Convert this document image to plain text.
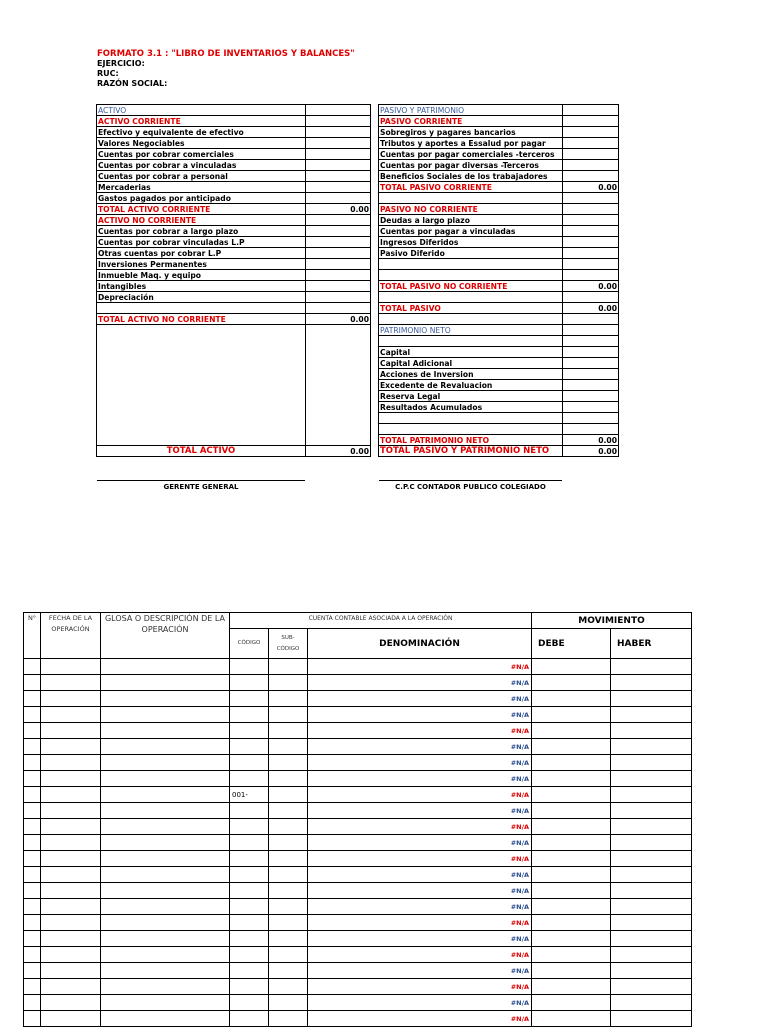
FORMATO 3.1 : "LIBRO DE INVENTARIOS Y BALANCES"
EJERCICIO:
RUC:
RAZÓN SOCIAL:
ACTIVO	
ACTIVO CORRIENTE	
Efectivo y equivalente de efectivo	
Valores Negociables	
Cuentas por cobrar comerciales	
Cuentas por cobrar a vinculadas	
Cuentas por cobrar a personal	
Mercaderias	
Gastos pagados por anticipado	
TOTAL ACTIVO CORRIENTE	0.00
ACTIVO NO CORRIENTE	
Cuentas por cobrar a largo plazo	
Cuentas por cobrar vinculadas L.P	
Otras cuentas por cobrar L.P	
Inversiones Permanentes	
Inmueble Maq. y equipo	
Intangibles	
Depreciación	

TOTAL ACTIVO NO CORRIENTE	0.00

TOTAL ACTIVO	0.00
PASIVO Y PATRIMONIO	
PASIVO CORRIENTE	
Sobregiros y pagares bancarios	
Tributos y aportes a Essalud por pagar	
Cuentas por pagar comerciales -terceros	
Cuentas por pagar diversas -Terceros	
Beneficios Sociales de los trabajadores	
TOTAL PASIVO CORRIENTE	0.00

PASIVO NO CORRIENTE	
Deudas a largo plazo	
Cuentas por pagar a vinculadas	
Ingresos Diferidos	
Pasivo Diferido	

TOTAL PASIVO NO CORRIENTE	0.00

TOTAL PASIVO	0.00

PATRIMONIO NETO	

Capital	
Capital Adicional	
Acciones de Inversion	
Excedente de Revaluacion	
Reserva Legal	
Resultados Acumulados	

TOTAL PATRIMONIO NETO	0.00
TOTAL PASIVO Y PATRIMONIO NETO	0.00
GERENTE GENERAL	C.P.C CONTADOR PUBLICO COLEGIADO
N°	FECHA DE LA OPERACIÓN	GLOSA O DESCRIPCIÓN DE LA OPERACIÓN	CUENTA CONTABLE ASOCIADA A LA OPERACIÓN			MOVIMIENTO	
			CÓDIGO	SUB-CÓDIGO	DENOMINACIÓN	DEBE	HABER
					#N/A		
					#N/A		
					#N/A		
					#N/A		
					#N/A		
					#N/A		
					#N/A		
					#N/A		
			001-		#N/A		
					#N/A		
					#N/A		
					#N/A		
					#N/A		
					#N/A		
					#N/A		
					#N/A		
					#N/A		
					#N/A		
					#N/A		
					#N/A		
					#N/A		
					#N/A		
					#N/A		
